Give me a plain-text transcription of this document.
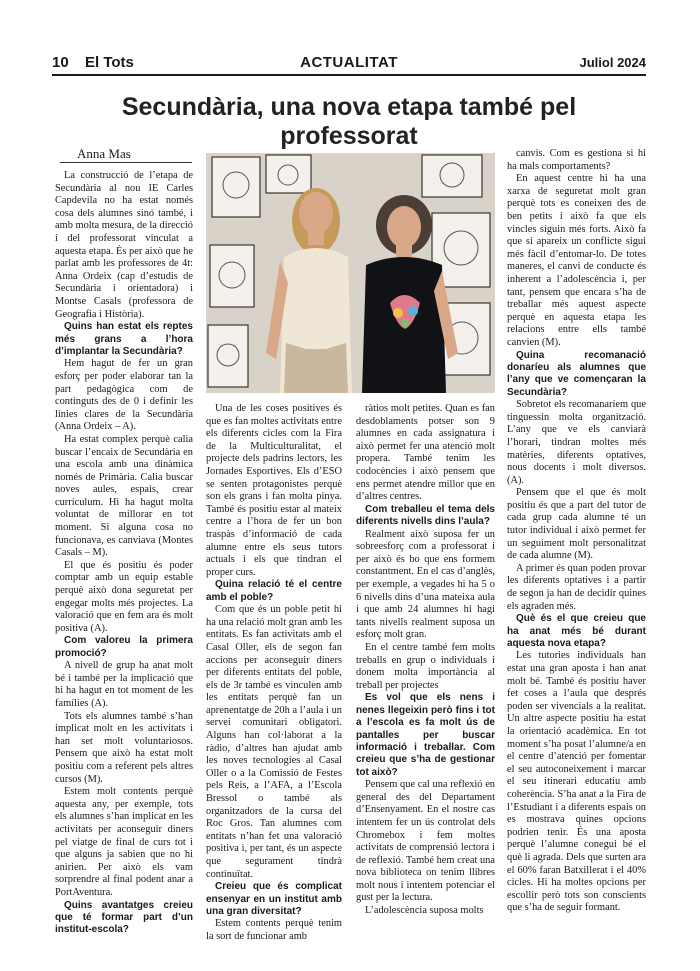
10 El Tots	ACTUALITAT	Juliol 2024
Secundària, una nova etapa també pel professorat
Anna Mas

La construcció de l’etapa de Secundària al nou IE Carles Capdevila no ha estat només cosa dels alumnes sinó també, i amb molta mesura, de la direcció i del professorat vinculat a aquesta etapa. És per això que he parlat amb les professores de 4t: Anna Ordeix (cap d’estudis de Secundària i orientadora) i Montse Casals (professora de Geografia i Història).

Quins han estat els reptes més grans a l’hora d’implantar la Secundària?

Hem hagut de fer un gran esforç per poder elaborar tan la part pedagògica com de continguts des de 0 i definir les línies clares de la Secundària (Anna Ordeix – A).

Ha estat complex perquè calia buscar l’encaix de Secundària en una escola amb una dinàmica només de Primària. Calia buscar noves aules, espais, crear currículum. Hi ha hagut molta voluntat de millorar en tot moment. Si alguna cosa no funcionava, es canviava (Montes Casals – M).

El que és positiu és poder comptar amb un equip estable perquè això dona seguretat per engegar molts més projectes. La valoració que en fem ara és molt positiva (A).

Com valoreu la primera promoció?

A nivell de grup ha anat molt bé i també per la implicació que hi ha hagut en tot moment de les famílies (A).

Tots els alumnes també s’han implicat molt en les activitats i han set molt voluntariosos. Pensem que això ha estat molt positiu com a referent pels altres cursos (M).

Estem molt contents perquè aquesta any, per exemple, tots els alumnes s’han implicat en les activitats per aconseguir diners pel viatge de final de curs tot i que alguns ja sabien que no hi anirien. Per això els vam sorprendre al final podent anar a PortAventura.

Quins avantatges creieu que té formar part d’un institut-escola?

Una de les coses positives és que es fan moltes activitats entre els diferents cicles com la Fira de la Multiculturalitat, el projecte dels padrins lectors, les Jornades Esportives. Els d’ESO se senten protagonistes perquè son els grans i fan molta pinya. També és positiu estar al mateix centre a l’hora de fer un bon traspàs d’informació de cada alumne entre els seus tutors actuals i els que tindran el proper curs.

Quina relació té el centre amb el poble?

Com que és un poble petit hi ha una relació molt gran amb les entitats. Es fan activitats amb el Casal Oller, els de segon fan accions per aconseguir diners per diferents entitats del poble, els de 3r també es vinculen amb les entitats perquè fan un aprenentatge de 20h a l’aula i un servei comunitari obligatori. Alguns han col·laborat a la ràdio, d’altres han ajudat amb les noves tecnologies al Casal Oller o a la Comissió de Festes pels Reis, a l’AFA, a l’Escola Bressol o també als organitzadors de la cursa del Roc Gros. Tan alumnes com entitats n’han fet una valoració positiva i, per tant, és un aspecte que segurament tindrà continuïtat.

Creieu que és complicat ensenyar en un institut amb una gran diversitat?

Estem contents perquè tenim la sort de funcionar amb

ràtios molt petites. Quan es fan desdoblaments potser son 9 alumnes en cada assignatura i això permet fer una atenció molt propera. També tenim les codocències i això pensem que ens permet atendre millor que en d’altres centres.

Com treballeu el tema dels diferents nivells dins l’aula?

Realment això suposa fer un sobreesforç com a professorat i per això és bo que ens formem constantment. En el cas d’anglès, per exemple, a vegades hi ha 5 o 6 nivells dins d’una mateixa aula i que amb 24 alumnes hi hagi tants nivells realment suposa un esforç molt gran.

En el centre també fem molts treballs en grup o individuals i donem molta importància al treball per projectes

Es vol que els nens i nenes llegeixin però fins i tot a l’escola es fa molt ús de pantalles per buscar informació i treballar. Com creieu que s’ha de gestionar tot això?

Pensem que cal una reflexió en general des del Departament d’Ensenyament. En el nostre cas intentem fer un ús controlat dels Chromebox i fem moltes activitats de comprensió lectora i de reflexió. També hem creat una nova biblioteca on tenim llibres molt nous i intentem potenciar el gust per la lectura.

L’adolescència suposa molts

canvis. Com es gestiona si hi ha mals comportaments?

En aquest centre hi ha una xarxa de seguretat molt gran perquè tots es coneixen des de ben petits i això fa que els vincles siguin més forts. Això fa que si apareix un conflicte sigui més fàcil d’entomar-lo. De totes maneres, el canvi de conducte és inherent a l’adolescència i, per tant, pensem que encara s’ha de treballar més aquest aspecte perquè en aquesta etapa les relacions entre ells també canvien (M).

Quina recomanació donaríeu als alumnes que l’any que ve començaran la Secundària?

Sobretot els recomanaríem que tinguessin molta organització. L’any que ve els canviarà l’horari, tindran moltes més matèries, diferents optatives, nous docents i molt diversos. (A).

Pensem que el que és molt positiu és que a part del tutor de cada grup cada alumne té un tutor individual i això permet fer un seguiment molt personalitzat de cada alumne (M).

A primer és quan poden provar les diferents optatives i a partir de segon ja han de decidir quines els agraden més.

Què és el que creieu que ha anat més bé durant aquesta nova etapa?

Les tutories individuals han estat una gran aposta i han anat molt bé. També és positiu haver fet coses a l’aula que després poden ser vivencials a la realitat. Un altre aspecte positiu ha estat la orientació acadèmica. En tot moment s’ha posat l’alumne/a en el centre d’atenció per fomentar el seu autoconeixement i marcar el seu itinerari educatiu amb coherència. S’ha anat a la Fira de l’Estudiant i a diferents espais on es mostrava quines opcions podrien tenir. És una aposta perquè l’alumne conegui bé el què li agrada. Dels que surten ara el 60% faran Batxillerat i el 40% cicles. Hi ha moltes opcions per escollir però tots son conscients que s’ha de seguir formant.
